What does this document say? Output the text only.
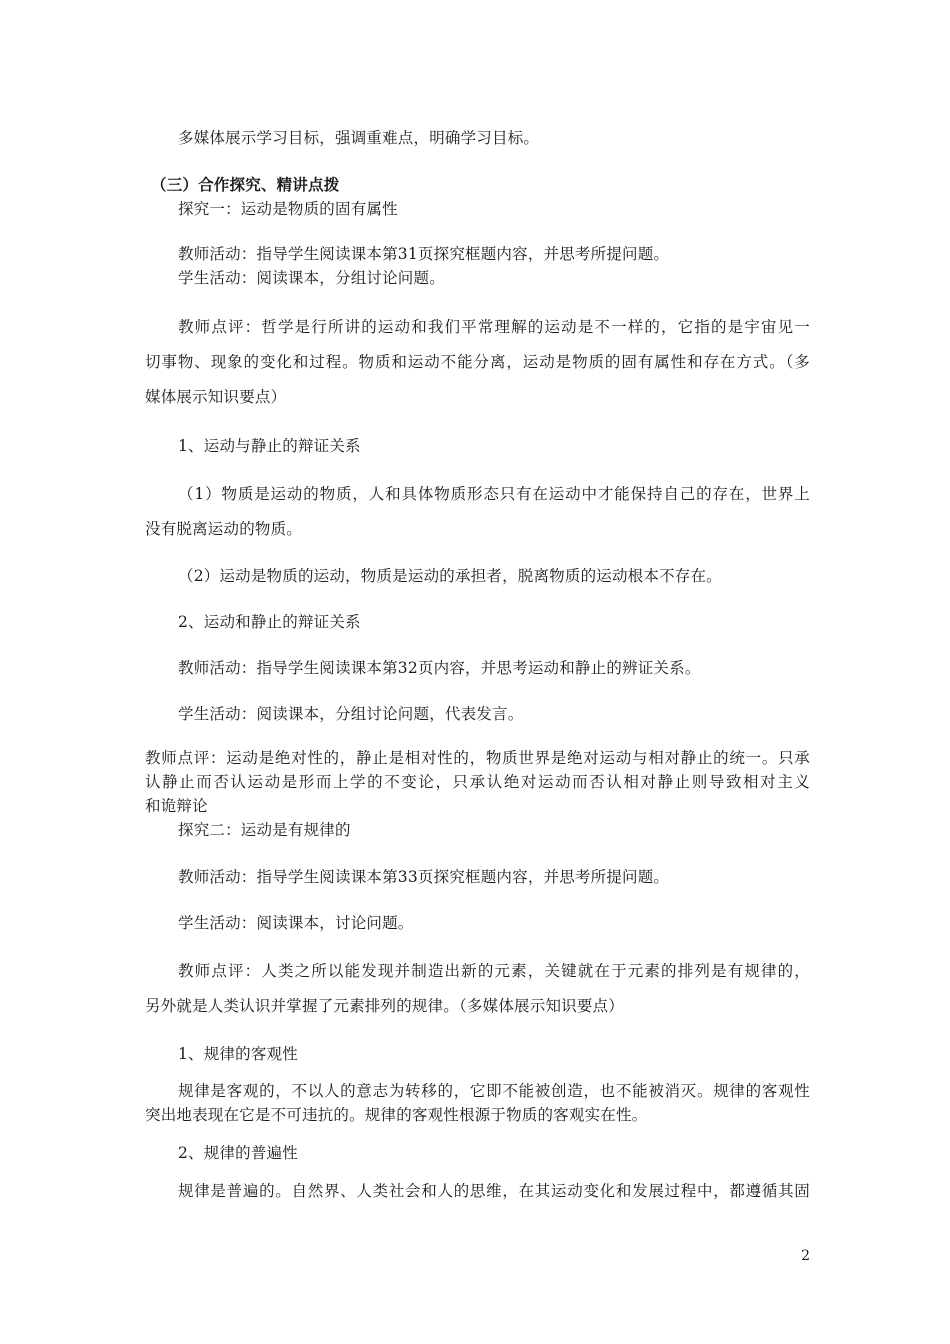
多媒体展示学习目标，强调重难点，明确学习目标。
（三）合作探究、精讲点拨
探究一：运动是物质的固有属性
教师活动：指导学生阅读课本第31页探究框题内容，并思考所提问题。
学生活动：阅读课本，分组讨论问题。
教师点评：哲学是行所讲的运动和我们平常理解的运动是不一样的，它指的是宇宙见一
切事物、现象的变化和过程。物质和运动不能分离，运动是物质的固有属性和存在方式。（多
媒体展示知识要点）
1、运动与静止的辩证关系
（1）物质是运动的物质，人和具体物质形态只有在运动中才能保持自己的存在，世界上
没有脱离运动的物质。
（2）运动是物质的运动，物质是运动的承担者，脱离物质的运动根本不存在。
2、运动和静止的辩证关系
教师活动：指导学生阅读课本第32页内容，并思考运动和静止的辨证关系。
学生活动：阅读课本，分组讨论问题，代表发言。
教师点评：运动是绝对性的，静止是相对性的，物质世界是绝对运动与相对静止的统一。只承
认静止而否认运动是形而上学的不变论，只承认绝对运动而否认相对静止则导致相对主义
和诡辩论
探究二：运动是有规律的
教师活动：指导学生阅读课本第33页探究框题内容，并思考所提问题。
学生活动：阅读课本，讨论问题。
教师点评：人类之所以能发现并制造出新的元素，关键就在于元素的排列是有规律的，
另外就是人类认识并掌握了元素排列的规律。（多媒体展示知识要点）
1、规律的客观性
规律是客观的，不以人的意志为转移的，它即不能被创造，也不能被消灭。规律的客观性
突出地表现在它是不可违抗的。规律的客观性根源于物质的客观实在性。
2、规律的普遍性
规律是普遍的。自然界、人类社会和人的思维，在其运动变化和发展过程中，都遵循其固
2
